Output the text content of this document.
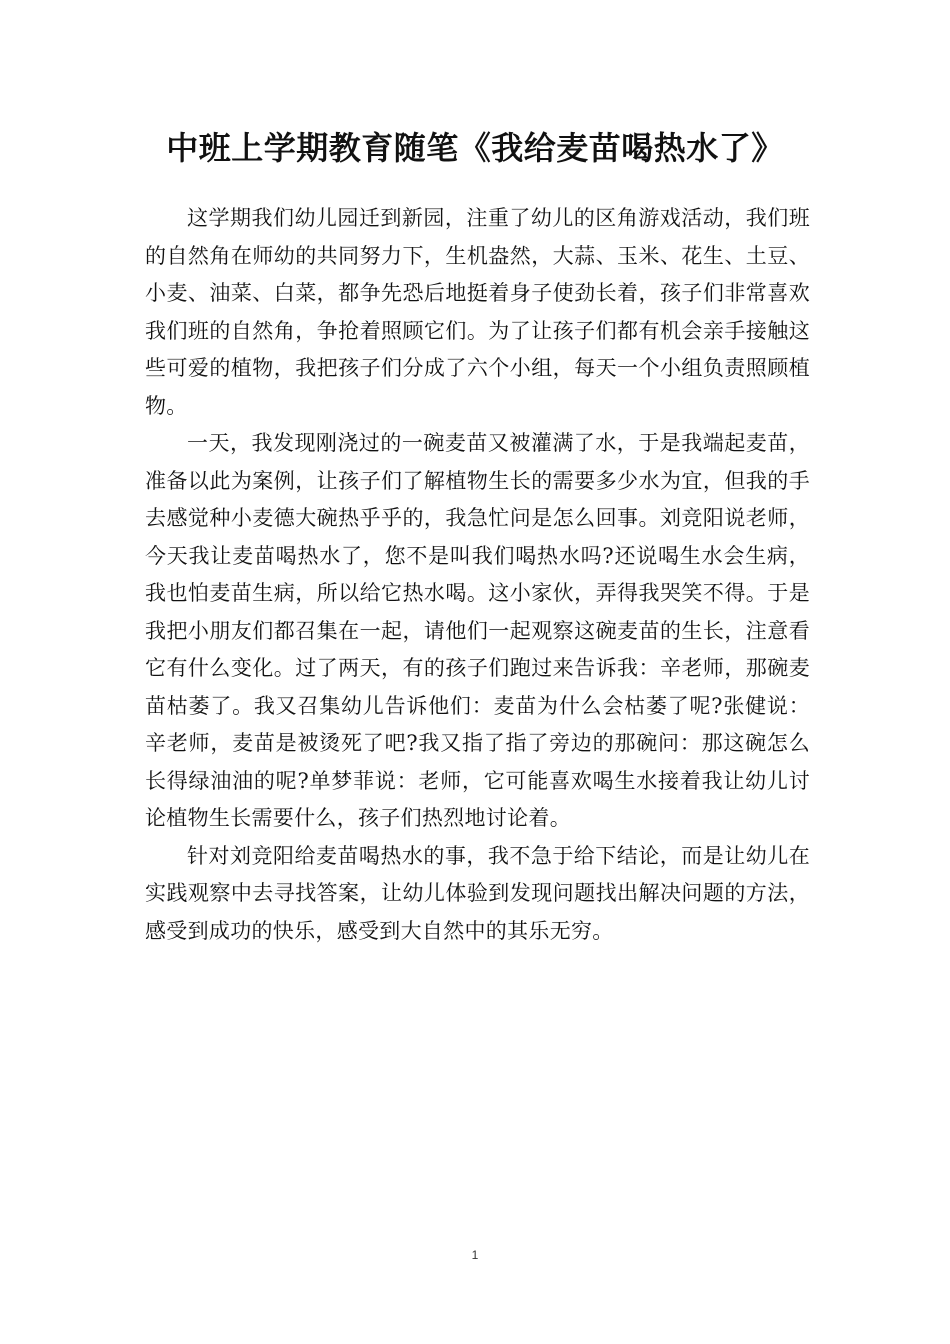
中班上学期教育随笔《我给麦苗喝热水了》

这学期我们幼儿园迁到新园，注重了幼儿的区角游戏活动，我们班的自然角在师幼的共同努力下，生机盎然，大蒜、玉米、花生、土豆、小麦、油菜、白菜，都争先恐后地挺着身子使劲长着，孩子们非常喜欢我们班的自然角，争抢着照顾它们。为了让孩子们都有机会亲手接触这些可爱的植物，我把孩子们分成了六个小组，每天一个小组负责照顾植物。

一天，我发现刚浇过的一碗麦苗又被灌满了水，于是我端起麦苗，准备以此为案例，让孩子们了解植物生长的需要多少水为宜，但我的手去感觉种小麦德大碗热乎乎的，我急忙问是怎么回事。刘竞阳说老师，今天我让麦苗喝热水了，您不是叫我们喝热水吗?还说喝生水会生病，我也怕麦苗生病，所以给它热水喝。这小家伙，弄得我哭笑不得。于是我把小朋友们都召集在一起，请他们一起观察这碗麦苗的生长，注意看它有什么变化。过了两天，有的孩子们跑过来告诉我：辛老师，那碗麦苗枯萎了。我又召集幼儿告诉他们：麦苗为什么会枯萎了呢?张健说：辛老师，麦苗是被烫死了吧?我又指了指了旁边的那碗问：那这碗怎么长得绿油油的呢?单梦菲说：老师，它可能喜欢喝生水接着我让幼儿讨论植物生长需要什么，孩子们热烈地讨论着。

针对刘竞阳给麦苗喝热水的事，我不急于给下结论，而是让幼儿在实践观察中去寻找答案，让幼儿体验到发现问题找出解决问题的方法，感受到成功的快乐，感受到大自然中的其乐无穷。

1
